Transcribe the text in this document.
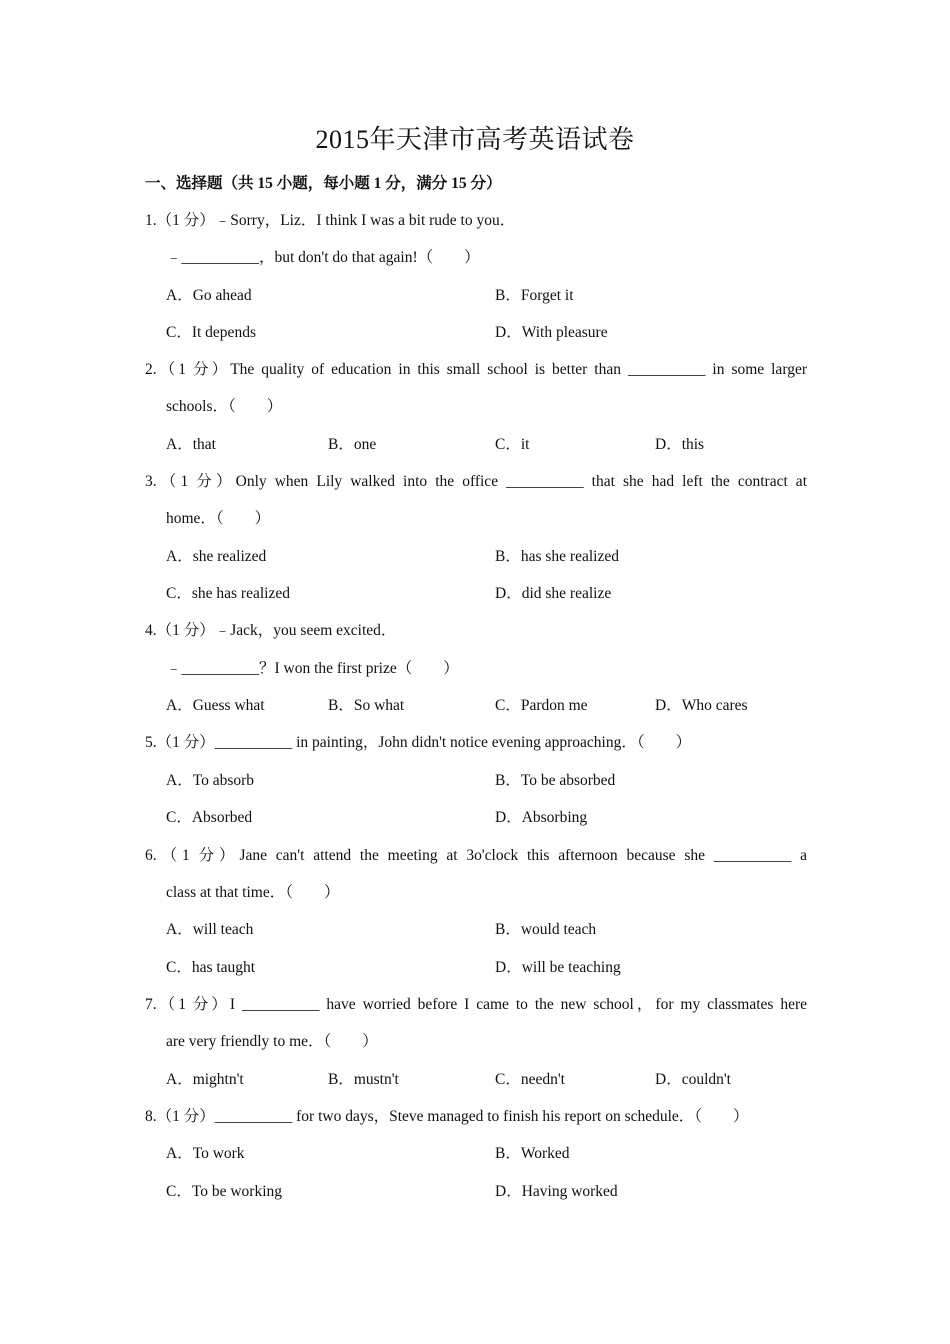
2015年天津市高考英语试卷
一、选择题（共 15 小题，每小题 1 分，满分 15 分）
1.（1 分）﹣Sorry，Liz．I think I was a bit rude to you．
﹣__________，but don't do that again!（　　）
A．Go ahead	B．Forget it
C．It depends	D．With pleasure
2.（1 分）The quality of education in this small school is better than __________ in some larger
schools．（　　）
A．that	B．one	C．it	D．this
3.（1 分）Only when Lily walked into the office __________ that she had left the contract at
home．（　　）
A．she realized	B．has she realized
C．she has realized	D．did she realize
4.（1 分）﹣Jack，you seem excited．
﹣__________？I won the first prize（　　）
A．Guess what	B．So what	C．Pardon me	D．Who cares
5.（1 分）__________ in painting，John didn't notice evening approaching．（　　）
A．To absorb	B．To be absorbed
C．Absorbed	D．Absorbing
6.（1 分）Jane can't attend the meeting at 3o'clock this afternoon because she __________ a
class at that time．（　　）
A．will teach	B．would teach
C．has taught	D．will be teaching
7.（1 分）I __________ have worried before I came to the new school，for my classmates here
are very friendly to me．（　　）
A．mightn't	B．mustn't	C．needn't	D．couldn't
8.（1 分）__________ for two days，Steve managed to finish his report on schedule．（　　）
A．To work	B．Worked
C．To be working	D．Having worked
